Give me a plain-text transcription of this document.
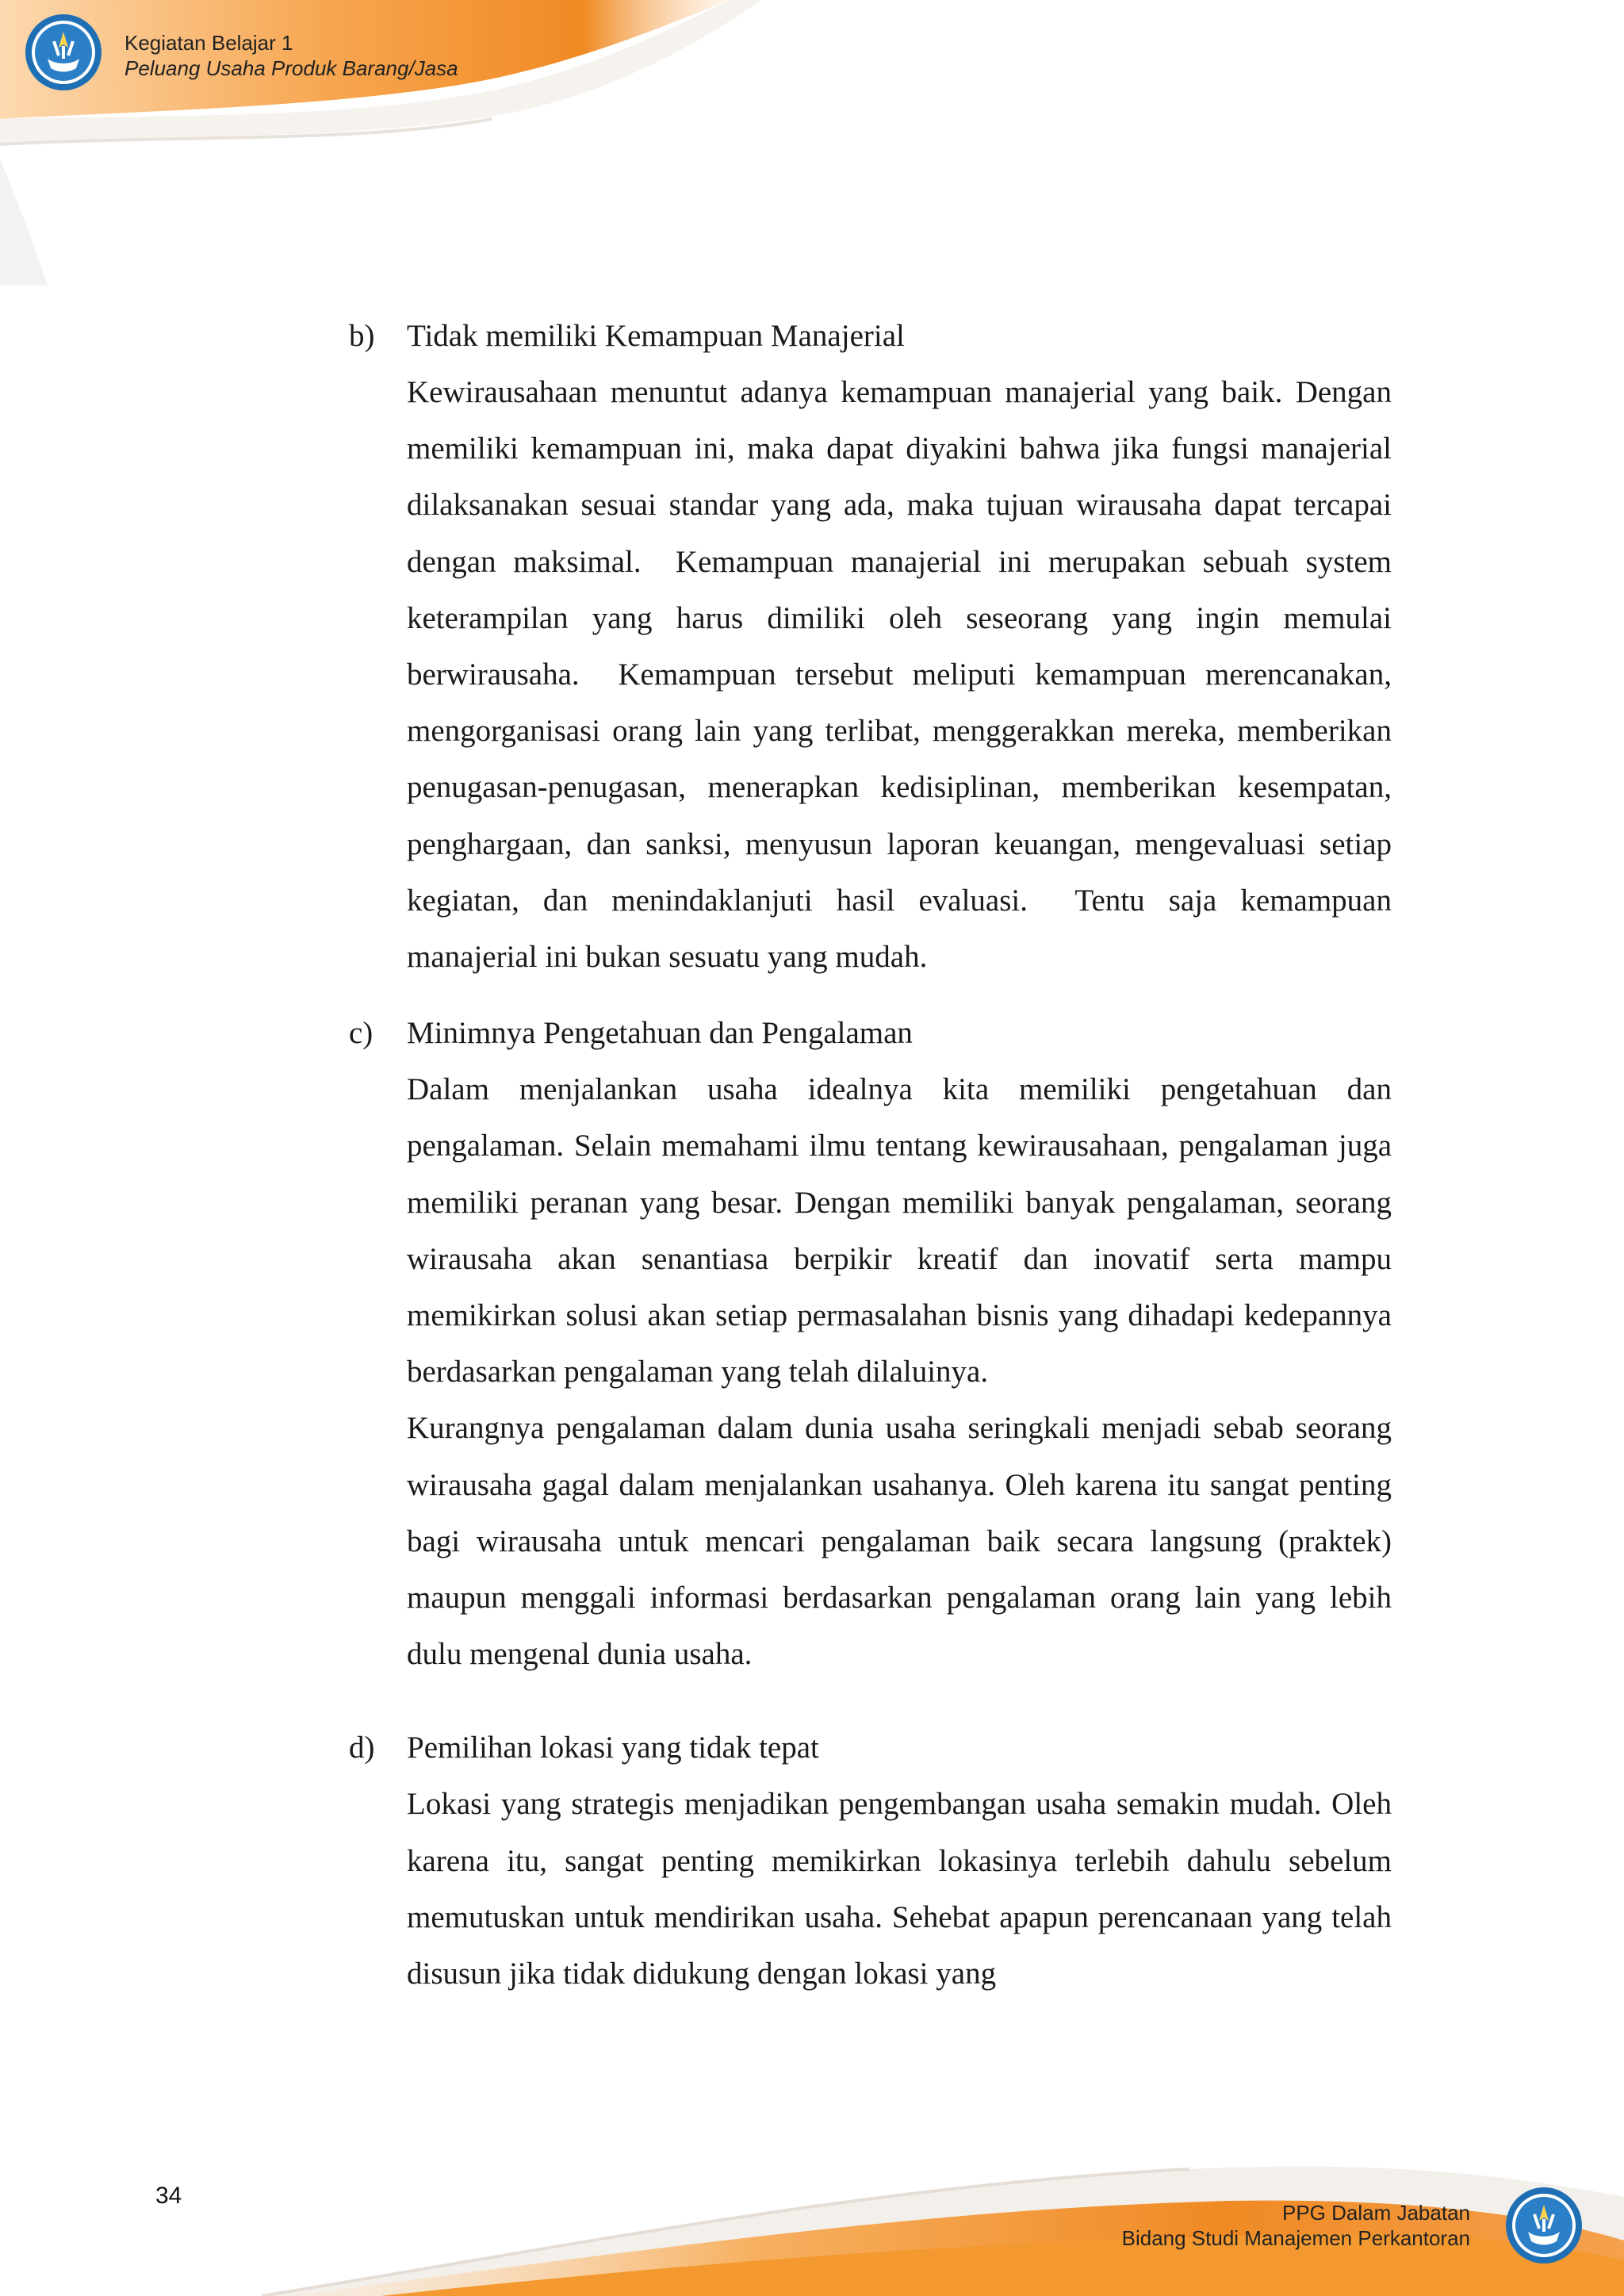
Kegiatan Belajar 1
Peluang Usaha Produk Barang/Jasa
b) Tidak memiliki Kemampuan Manajerial

Kewirausahaan menuntut adanya kemampuan manajerial yang baik. Dengan memiliki kemampuan ini, maka dapat diyakini bahwa jika fungsi manajerial dilaksanakan sesuai standar yang ada, maka tujuan wirausaha dapat tercapai dengan maksimal.  Kemampuan manajerial ini merupakan sebuah system keterampilan yang harus dimiliki oleh seseorang yang ingin memulai berwirausaha.  Kemampuan tersebut meliputi kemampuan merencanakan, mengorganisasi orang lain yang terlibat, menggerakkan mereka, memberikan penugasan-penugasan, menerapkan kedisiplinan, memberikan kesempatan, penghargaan, dan sanksi, menyusun laporan keuangan, mengevaluasi setiap kegiatan, dan menindaklanjuti hasil evaluasi.  Tentu saja kemampuan manajerial ini bukan sesuatu yang mudah.

c) Minimnya Pengetahuan dan Pengalaman

Dalam menjalankan usaha idealnya kita memiliki pengetahuan dan pengalaman. Selain memahami ilmu tentang kewirausahaan, pengalaman juga memiliki peranan yang besar. Dengan memiliki banyak pengalaman, seorang wirausaha akan senantiasa berpikir kreatif dan inovatif serta mampu memikirkan solusi akan setiap permasalahan bisnis yang dihadapi kedepannya berdasarkan pengalaman yang telah dilaluinya.

Kurangnya pengalaman dalam dunia usaha seringkali menjadi sebab seorang wirausaha gagal dalam menjalankan usahanya. Oleh karena itu sangat penting bagi wirausaha untuk mencari pengalaman baik secara langsung (praktek) maupun menggali informasi berdasarkan pengalaman orang lain yang lebih dulu mengenal dunia usaha.

d) Pemilihan lokasi yang tidak tepat

Lokasi yang strategis menjadikan pengembangan usaha semakin mudah. Oleh karena itu, sangat penting memikirkan lokasinya terlebih dahulu sebelum memutuskan untuk mendirikan usaha. Sehebat apapun perencanaan yang telah disusun jika tidak didukung dengan lokasi yang

34
PPG Dalam Jabatan
Bidang Studi Manajemen Perkantoran
